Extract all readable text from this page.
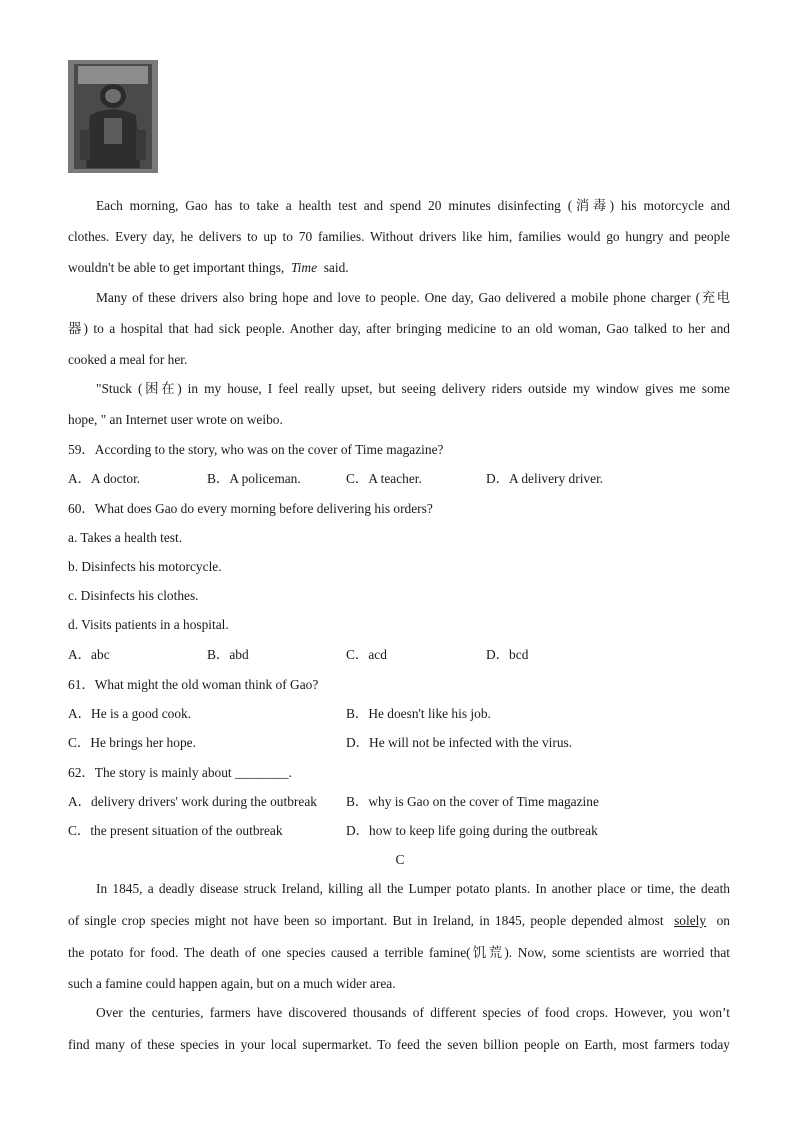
Each morning, Gao has to take a health test and spend 20 minutes disinfecting (消毒) his motorcycle and
clothes. Every day, he delivers to up to 70 families. Without drivers like him, families would go hungry and people
wouldn't be able to get important things, Time said.
Many of these drivers also bring hope and love to people. One day, Gao delivered a mobile phone charger (充电
器) to a hospital that had sick people. Another day, after bringing medicine to an old woman, Gao talked to her and
cooked a meal for her.
"Stuck (困在) in my house, I feel really upset, but seeing delivery riders outside my window gives me some
hope, " an Internet user wrote on weibo.
59．According to the story, who was on the cover of Time magazine?
A．A doctor.	B．A policeman.	C．A teacher.	D．A delivery driver.
60．What does Gao do every morning before delivering his orders?
a. Takes a health test.
b. Disinfects his motorcycle.
c. Disinfects his clothes.
d. Visits patients in a hospital.
A．abc	B．abd	C．acd	D．bcd
61．What might the old woman think of Gao?
A．He is a good cook.	B．He doesn't like his job.
C．He brings her hope.	D．He will not be infected with the virus.
62．The story is mainly about ________.
A．delivery drivers' work during the outbreak B．why is Gao on the cover of Time magazine
C．the present situation of the outbreak	D．how to keep life going during the outbreak
C
In 1845, a deadly disease struck Ireland, killing all the Lumper potato plants. In another place or time, the death
of single crop species might not have been so important. But in Ireland, in 1845, people depended almost solely on
the potato for food. The death of one species caused a terrible famine(饥荒). Now, some scientists are worried that
such a famine could happen again, but on a much wider area.
Over the centuries, farmers have discovered thousands of different species of food crops. However, you won’t
find many of these species in your local supermarket. To feed the seven billion people on Earth, most farmers today
